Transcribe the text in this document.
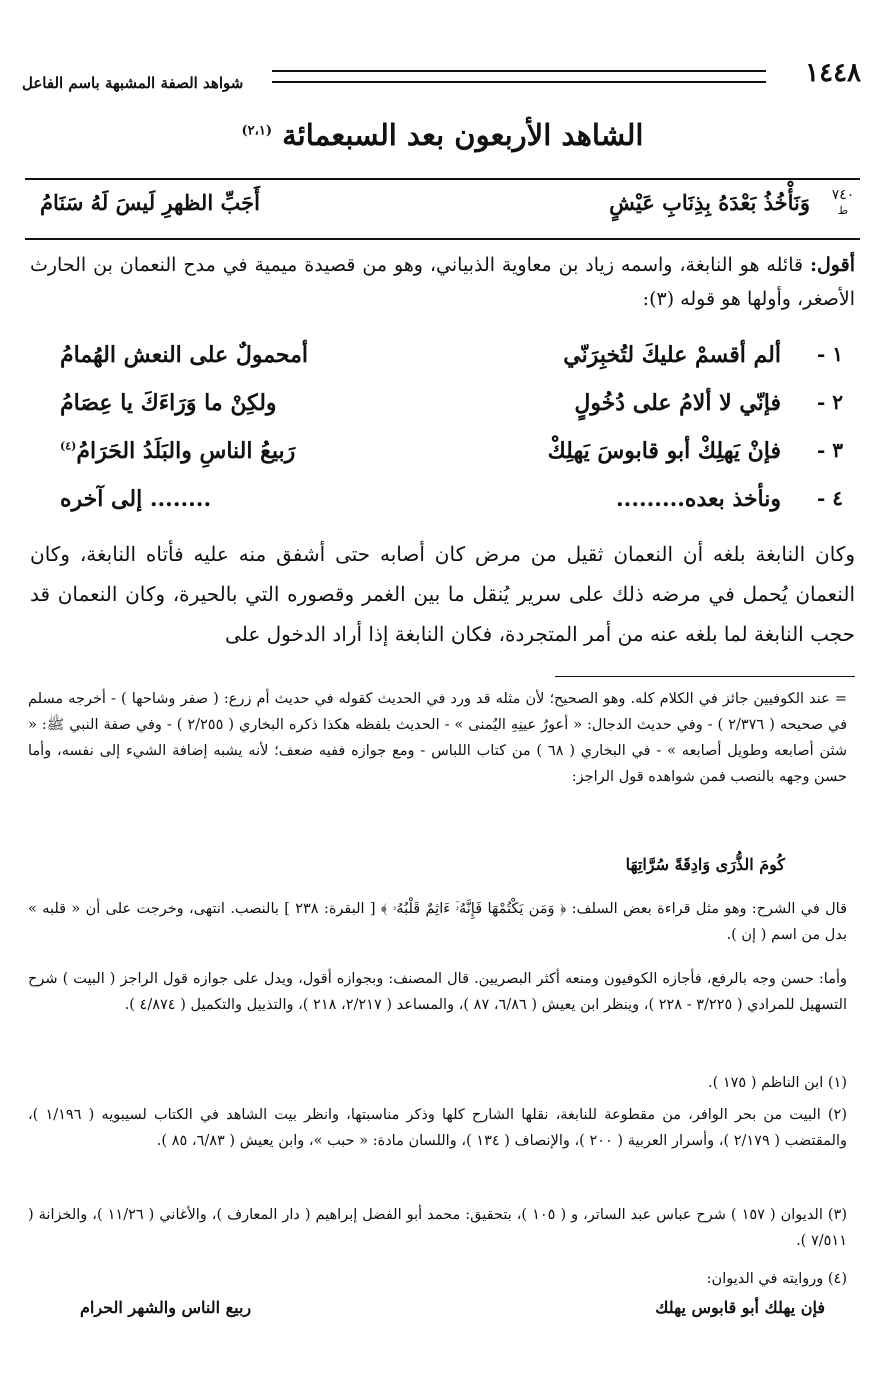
١٤٤٨
شواهد الصفة المشبهة باسم الفاعل
الشاهد الأربعون بعد السبعمائة $^{(٢،١)}$
٧٤٠
ط
وَنَأْخُذُ بَعْدَهُ بِذِنَابِ عَيْشٍ
أَجَبِّ الظهرِ لَيسَ لَهُ سَنَامُ
أقول: قائله هو النابغة، واسمه زياد بن معاوية الذبياني، وهو من قصيدة ميمية في مدح النعمان بن الحارث الأصغر، وأولها هو قوله (٣):
١ -
ألم أقسمْ عليكَ لتُخبِرَنّي
أمحمولٌ على النعش الهُمامُ
٢ -
فإنّي لا ألامُ على دُخُولٍ
ولكِنْ ما وَرَاءَكَ يا عِصَامُ
٣ -
فإنْ يَهلِكْ أبو قابوسَ يَهلِكْ
رَبيعُ الناسِ والبَلَدُ الحَرَامُ$^{(٤)}$
٤ -
ونأخذ بعده.........
........ إلى آخره
وكان النابغة بلغه أن النعمان ثقيل من مرض كان أصابه حتى أشفق منه عليه فأتاه النابغة، وكان النعمان يُحمل في مرضه ذلك على سرير يُنقل ما بين الغمر وقصوره التي بالحيرة، وكان النعمان قد حجب النابغة لما بلغه عنه من أمر المتجردة، فكان النابغة إذا أراد الدخول على
= عند الكوفيين جائز في الكلام كله. وهو الصحيح؛ لأن مثله قد ورد في الحديث كقوله في حديث أم زرع: ( صفر وشاحها ) - أخرجه مسلم في صحيحه ( ٢/٣٧٦ ) - وفي حديث الدجال: « أعورُ عينِهِ اليُمنى » - الحديث بلفظه هكذا ذكره البخاري ( ٢/٢٥٥ ) - وفي صفة النبي ﷺ: « شثن أصابعه وطويل أصابعه » - في البخاري ( ٦٨ ) من كتاب اللباس - ومع جوازه ففيه ضعف؛ لأنه يشبه إضافة الشيء إلى نفسه، وأما حسن وجهه بالنصب فمن شواهده قول الراجز:
كُومَ الذُّرَى وَادِقَةً سُرَّاتِهَا
قال في الشرح: وهو مثل قراءة بعض السلف: ﴿ وَمَن يَكْتُمْهَا فَإِنَّهُۥٓ ءَاثِمٌ قَلْبُهُۥ ﴾ [ البقرة: ٢٣٨ ] بالنصب. انتهى، وخرجت على أن « قلبه » بدل من اسم ( إن ).
وأما: حسن وجه بالرفع، فأجازه الكوفيون ومنعه أكثر البصريين. قال المصنف: وبجوازه أقول، ويدل على جوازه قول الراجز ( البيت ) شرح التسهيل للمرادي ( ٣/٢٢٥ - ٢٢٨ )، وينظر ابن يعيش ( ٦/٨٦، ٨٧ )، والمساعد ( ٢/٢١٧، ٢١٨ )، والتذييل والتكميل ( ٤/٨٧٤ ).
(١) ابن الناظم ( ١٧٥ ).
(٢) البيت من بحر الوافر، من مقطوعة للنابغة، نقلها الشارح كلها وذكر مناسبتها، وانظر بيت الشاهد في الكتاب لسيبويه ( ١/١٩٦ )، والمقتضب ( ٢/١٧٩ )، وأسرار العربية ( ٢٠٠ )، والإنصاف ( ١٣٤ )، واللسان مادة: « حبب »، وابن يعيش ( ٦/٨٣، ٨٥ ).
(٣) الديوان ( ١٥٧ ) شرح عباس عبد الساتر، و ( ١٠٥ )، بتحقيق: محمد أبو الفضل إبراهيم ( دار المعارف )، والأغاني ( ١١/٢٦ )، والخزانة ( ٧/٥١١ ).
(٤) وروايته في الديوان:
فإن يهلك أبو قابوس يهلك
ربيع الناس والشهر الحرام
